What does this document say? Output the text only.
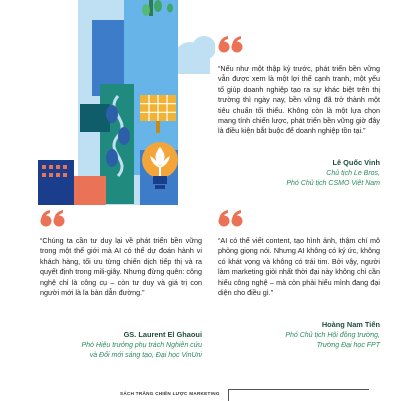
“Nếu như một thập kỷ trước, phát triển bền vững vẫn được xem là một lợi thế cạnh tranh, một yếu tố giúp doanh nghiệp tạo ra sự khác biệt trên thị trường thì ngày nay, bền vững đã trở thành một tiêu chuẩn tối thiểu. Không còn là một lựa chọn mang tính chiến lược, phát triển bền vững giờ đây là điều kiện bắt buộc để doanh nghiệp tồn tại.”

Lê Quốc Vinh

Chủ tịch Le Bros,

Phó Chủ tịch CSMO Việt Nam

“Chúng ta cần tư duy lại về phát triển bền vững trong một thế giới mà AI có thể dự đoán hành vi khách hàng, tối ưu từng chiến dịch tiếp thị và ra quyết định trong mili-giây. Nhưng đừng quên: công nghệ chỉ là công cụ – còn tư duy và giá trị con người mới là la bàn dẫn đường.”

GS. Laurent El Ghaoui

Phó Hiệu trưởng phụ trách Nghiên cứu

và Đổi mới sáng tạo, Đại học VinUni

“AI có thể viết content, tạo hình ảnh, thậm chí mô phỏng giọng nói. Nhưng AI không có ký ức, không có khát vọng và không có trái tim. Bởi vậy, người làm marketing giỏi nhất thời đại này không chỉ cần hiểu công nghệ – mà còn phải hiểu mình đang đại diện cho điều gì.”

Hoàng Nam Tiến

Phó Chủ tịch Hội đồng trường,

Trường Đại học FPT

SÁCH TRẮNG CHIẾN LƯỢC MARKETING
